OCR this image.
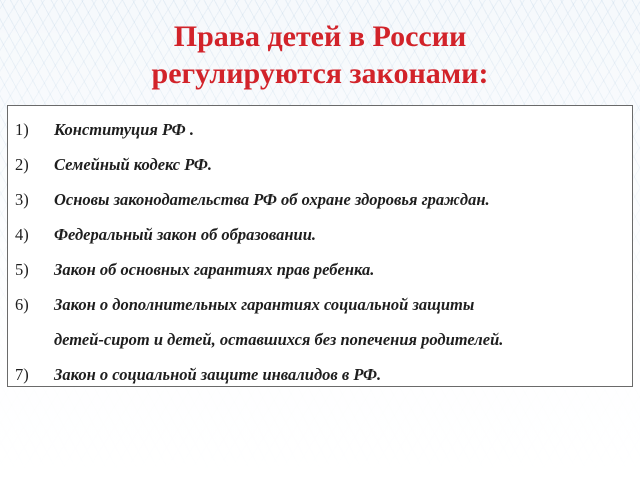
Права детей в России
регулируются законами:
1) Конституция РФ .
2) Семейный кодекс РФ.
3) Основы законодательства РФ об охране здоровья граждан.
4) Федеральный закон об образовании.
5) Закон об основных гарантиях прав ребенка.
6) Закон о дополнительных гарантиях социальной защиты
детей-сирот и детей, оставшихся без попечения родителей.
7) Закон о социальной защите инвалидов в РФ.
